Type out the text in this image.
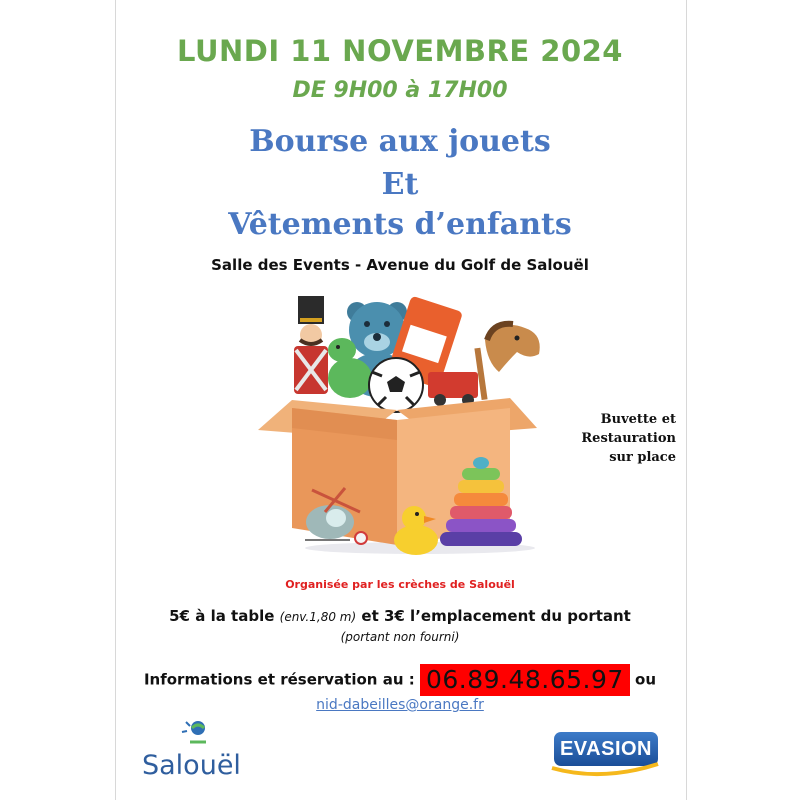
LUNDI 11 NOVEMBRE 2024
DE 9H00 à 17H00
Bourse aux jouets
Et
Vêtements d’enfants
Salle des Events - Avenue du Golf de Salouël
Buvette et
Restauration
sur place
Organisée par les crèches de Salouël
5€ à la table (env.1,80 m) et 3€ l’emplacement du portant
(portant non fourni)
Informations et réservation au : 06.89.48.65.97 ou
nid-dabeilles@orange.fr
Salouël
EVASION
